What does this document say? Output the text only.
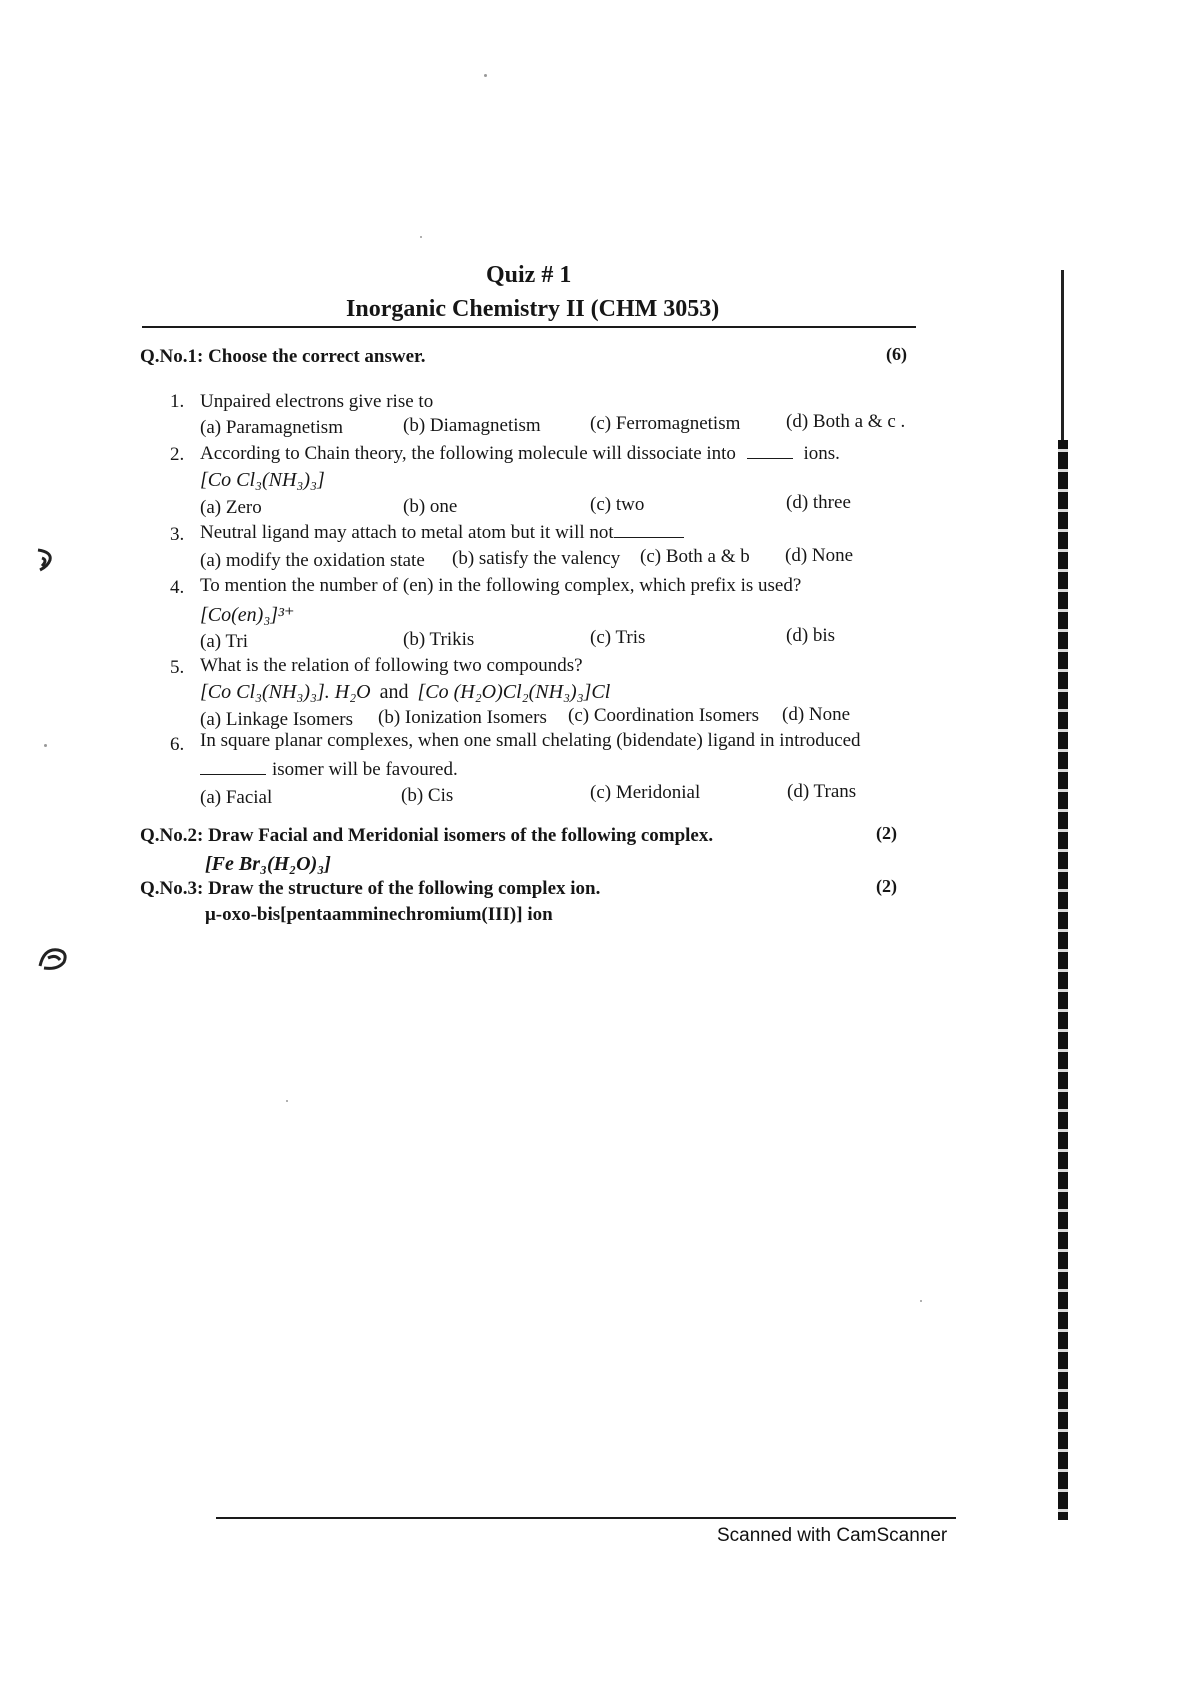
Quiz # 1
Inorganic Chemistry II (CHM 3053)
Q.No.1: Choose the correct answer.	(6)
1. Unpaired electrons give rise to
(a) Paramagnetism	(b) Diamagnetism	(c) Ferromagnetism (d) Both a & c .
2. According to Chain theory, the following molecule will dissociate into	ions.
[Co Cl₃(NH₃)₃]
(a) Zero	(b) one	(c) two	(d) three
3. Neutral ligand may attach to metal atom but it will not
(a) modify the oxidation state (b) satisfy the valency (c) Both a & b (d) None
4. To mention the number of (en) in the following complex, which prefix is used?
[Co(en)₃]³⁺
(a) Tri	(b) Trikis	(c) Tris	(d) bis
5. What is the relation of following two compounds?
[Co Cl₃(NH₃)₃]. H₂O and [Co (H₂O)Cl₂(NH₃)₃]Cl
(a) Linkage Isomers (b) Ionization Isomers (c) Coordination Isomers (d) None
6. In square planar complexes, when one small chelating (bidendate) ligand in introduced
isomer will be favoured.
(a) Facial	(b) Cis	(c) Meridonial	(d) Trans
Q.No.2: Draw Facial and Meridonial isomers of the following complex.	(2)
[Fe Br₃(H₂O)₃]
Q.No.3: Draw the structure of the following complex ion.	(2)
μ-oxo-bis[pentaamminechromium(III)] ion
Scanned with CamScanner
